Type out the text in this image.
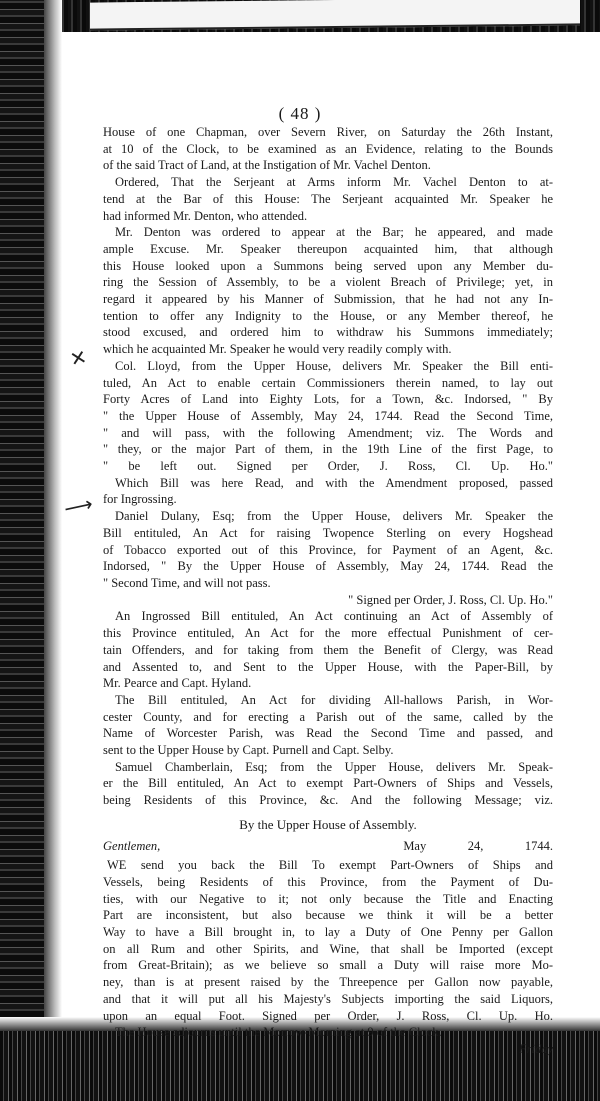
( 48 )
✕
⟶
House of one Chapman, over Severn River, on Saturday the 26th Instant,
at 10 of the Clock, to be examined as an Evidence, relating to the Bounds
of the said Tract of Land, at the Instigation of Mr. Vachel Denton.
Ordered, That the Serjeant at Arms inform Mr. Vachel Denton to at-
tend at the Bar of this House: The Serjeant acquainted Mr. Speaker he
had informed Mr. Denton, who attended.
Mr. Denton was ordered to appear at the Bar; he appeared, and made
ample Excuse. Mr. Speaker thereupon acquainted him, that although
this House looked upon a Summons being served upon any Member du-
ring the Session of Assembly, to be a violent Breach of Privilege; yet, in
regard it appeared by his Manner of Submission, that he had not any In-
tention to offer any Indignity to the House, or any Member thereof, he
stood excused, and ordered him to withdraw his Summons immediately;
which he acquainted Mr. Speaker he would very readily comply with.
Col. Lloyd, from the Upper House, delivers Mr. Speaker the Bill enti-
tuled, An Act to enable certain Commissioners therein named, to lay out
Forty Acres of Land into Eighty Lots, for a Town, &c. Indorsed, " By
" the Upper House of Assembly, May 24, 1744. Read the Second Time,
" and will pass, with the following Amendment; viz. The Words and
" they, or the major Part of them, in the 19th Line of the first Page, to
" be left out. Signed per Order, J. Ross, Cl. Up. Ho."
Which Bill was here Read, and with the Amendment proposed, passed
for Ingrossing.
Daniel Dulany, Esq; from the Upper House, delivers Mr. Speaker the
Bill entituled, An Act for raising Twopence Sterling on every Hogshead
of Tobacco exported out of this Province, for Payment of an Agent, &c.
Indorsed, " By the Upper House of Assembly, May 24, 1744. Read the
" Second Time, and will not pass.
" Signed per Order, J. Ross, Cl. Up. Ho."
An Ingrossed Bill entituled, An Act continuing an Act of Assembly of
this Province entituled, An Act for the more effectual Punishment of cer-
tain Offenders, and for taking from them the Benefit of Clergy, was Read
and Assented to, and Sent to the Upper House, with the Paper-Bill, by
Mr. Pearce and Capt. Hyland.
The Bill entituled, An Act for dividing All-hallows Parish, in Wor-
cester County, and for erecting a Parish out of the same, called by the
Name of Worcester Parish, was Read the Second Time and passed, and
sent to the Upper House by Capt. Purnell and Capt. Selby.
Samuel Chamberlain, Esq; from the Upper House, delivers Mr. Speak-
er the Bill entituled, An Act to exempt Part-Owners of Ships and Vessels,
being Residents of this Province, &c. And the following Message; viz.
By the Upper House of Assembly.
Gentlemen,	May 24, 1744.
WE send you back the Bill To exempt Part-Owners of Ships and
Vessels, being Residents of this Province, from the Payment of Du-
ties, with our Negative to it; not only because the Title and Enacting
Part are inconsistent, but also because we think it will be a better
Way to have a Bill brought in, to lay a Duty of One Penny per Gallon
on all Rum and other Spirits, and Wine, that shall be Imported (except
from Great-Britain); as we believe so small a Duty will raise more Mo-
ney, than is at present raised by the Threepence per Gallon now payable,
and that it will put all his Majesty's Subjects importing the said Liquors,
upon an equal Foot. Signed per Order, J. Ross, Cl. Up. Ho.
The House adjourns until the Morrow-Morning at 9 of the Clock.
Friday
